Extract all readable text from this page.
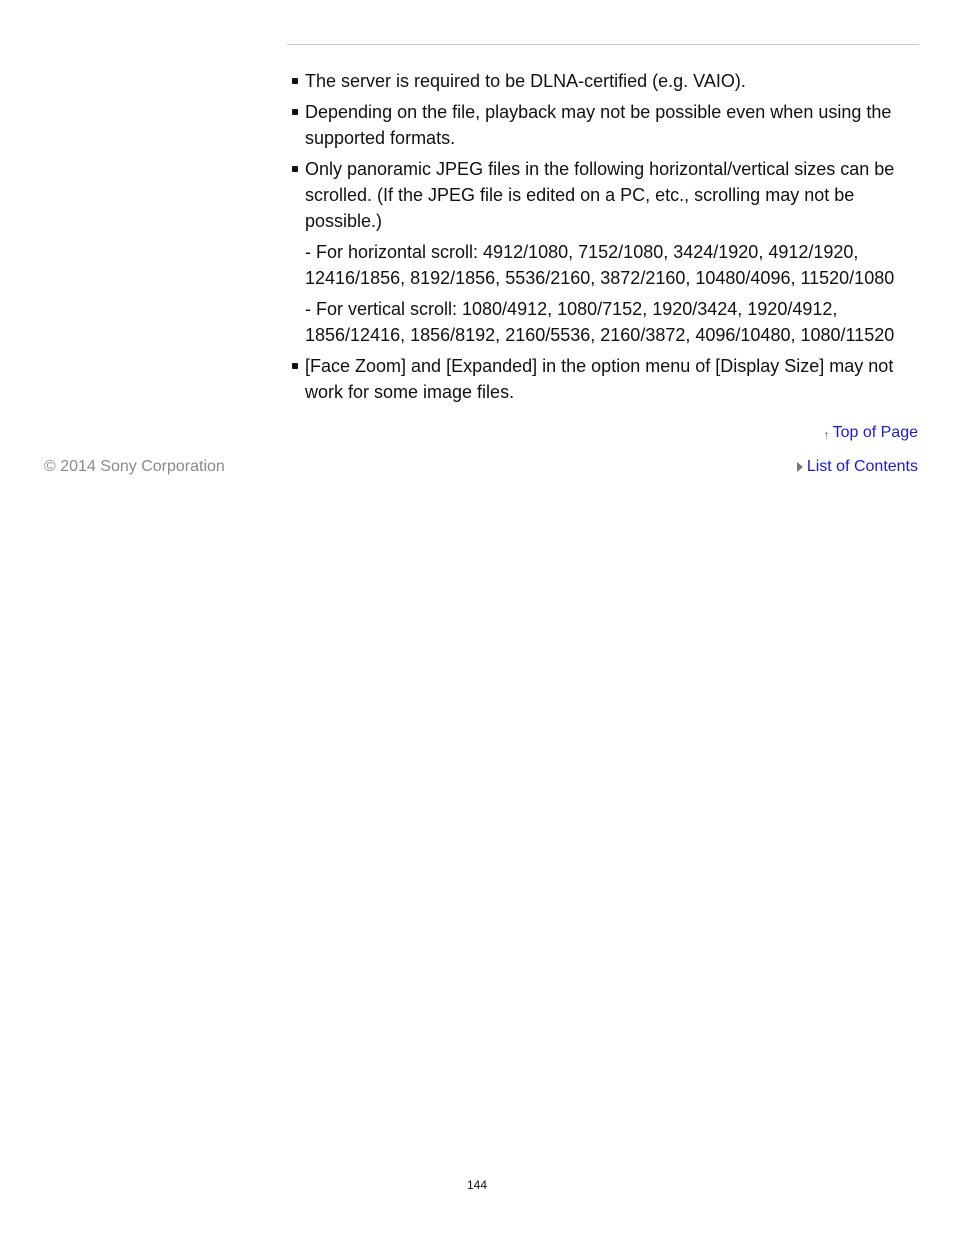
The server is required to be DLNA-certified (e.g. VAIO).
Depending on the file, playback may not be possible even when using the supported formats.
Only panoramic JPEG files in the following horizontal/vertical sizes can be scrolled. (If the JPEG file is edited on a PC, etc., scrolling may not be possible.)
- For horizontal scroll: 4912/1080, 7152/1080, 3424/1920, 4912/1920, 12416/1856, 8192/1856, 5536/2160, 3872/2160, 10480/4096, 11520/1080
- For vertical scroll: 1080/4912, 1080/7152, 1920/3424, 1920/4912, 1856/12416, 1856/8192, 2160/5536, 2160/3872, 4096/10480, 1080/11520
[Face Zoom] and [Expanded] in the option menu of [Display Size] may not work for some image files.
↑ Top of Page
© 2014 Sony Corporation	List of Contents
144
